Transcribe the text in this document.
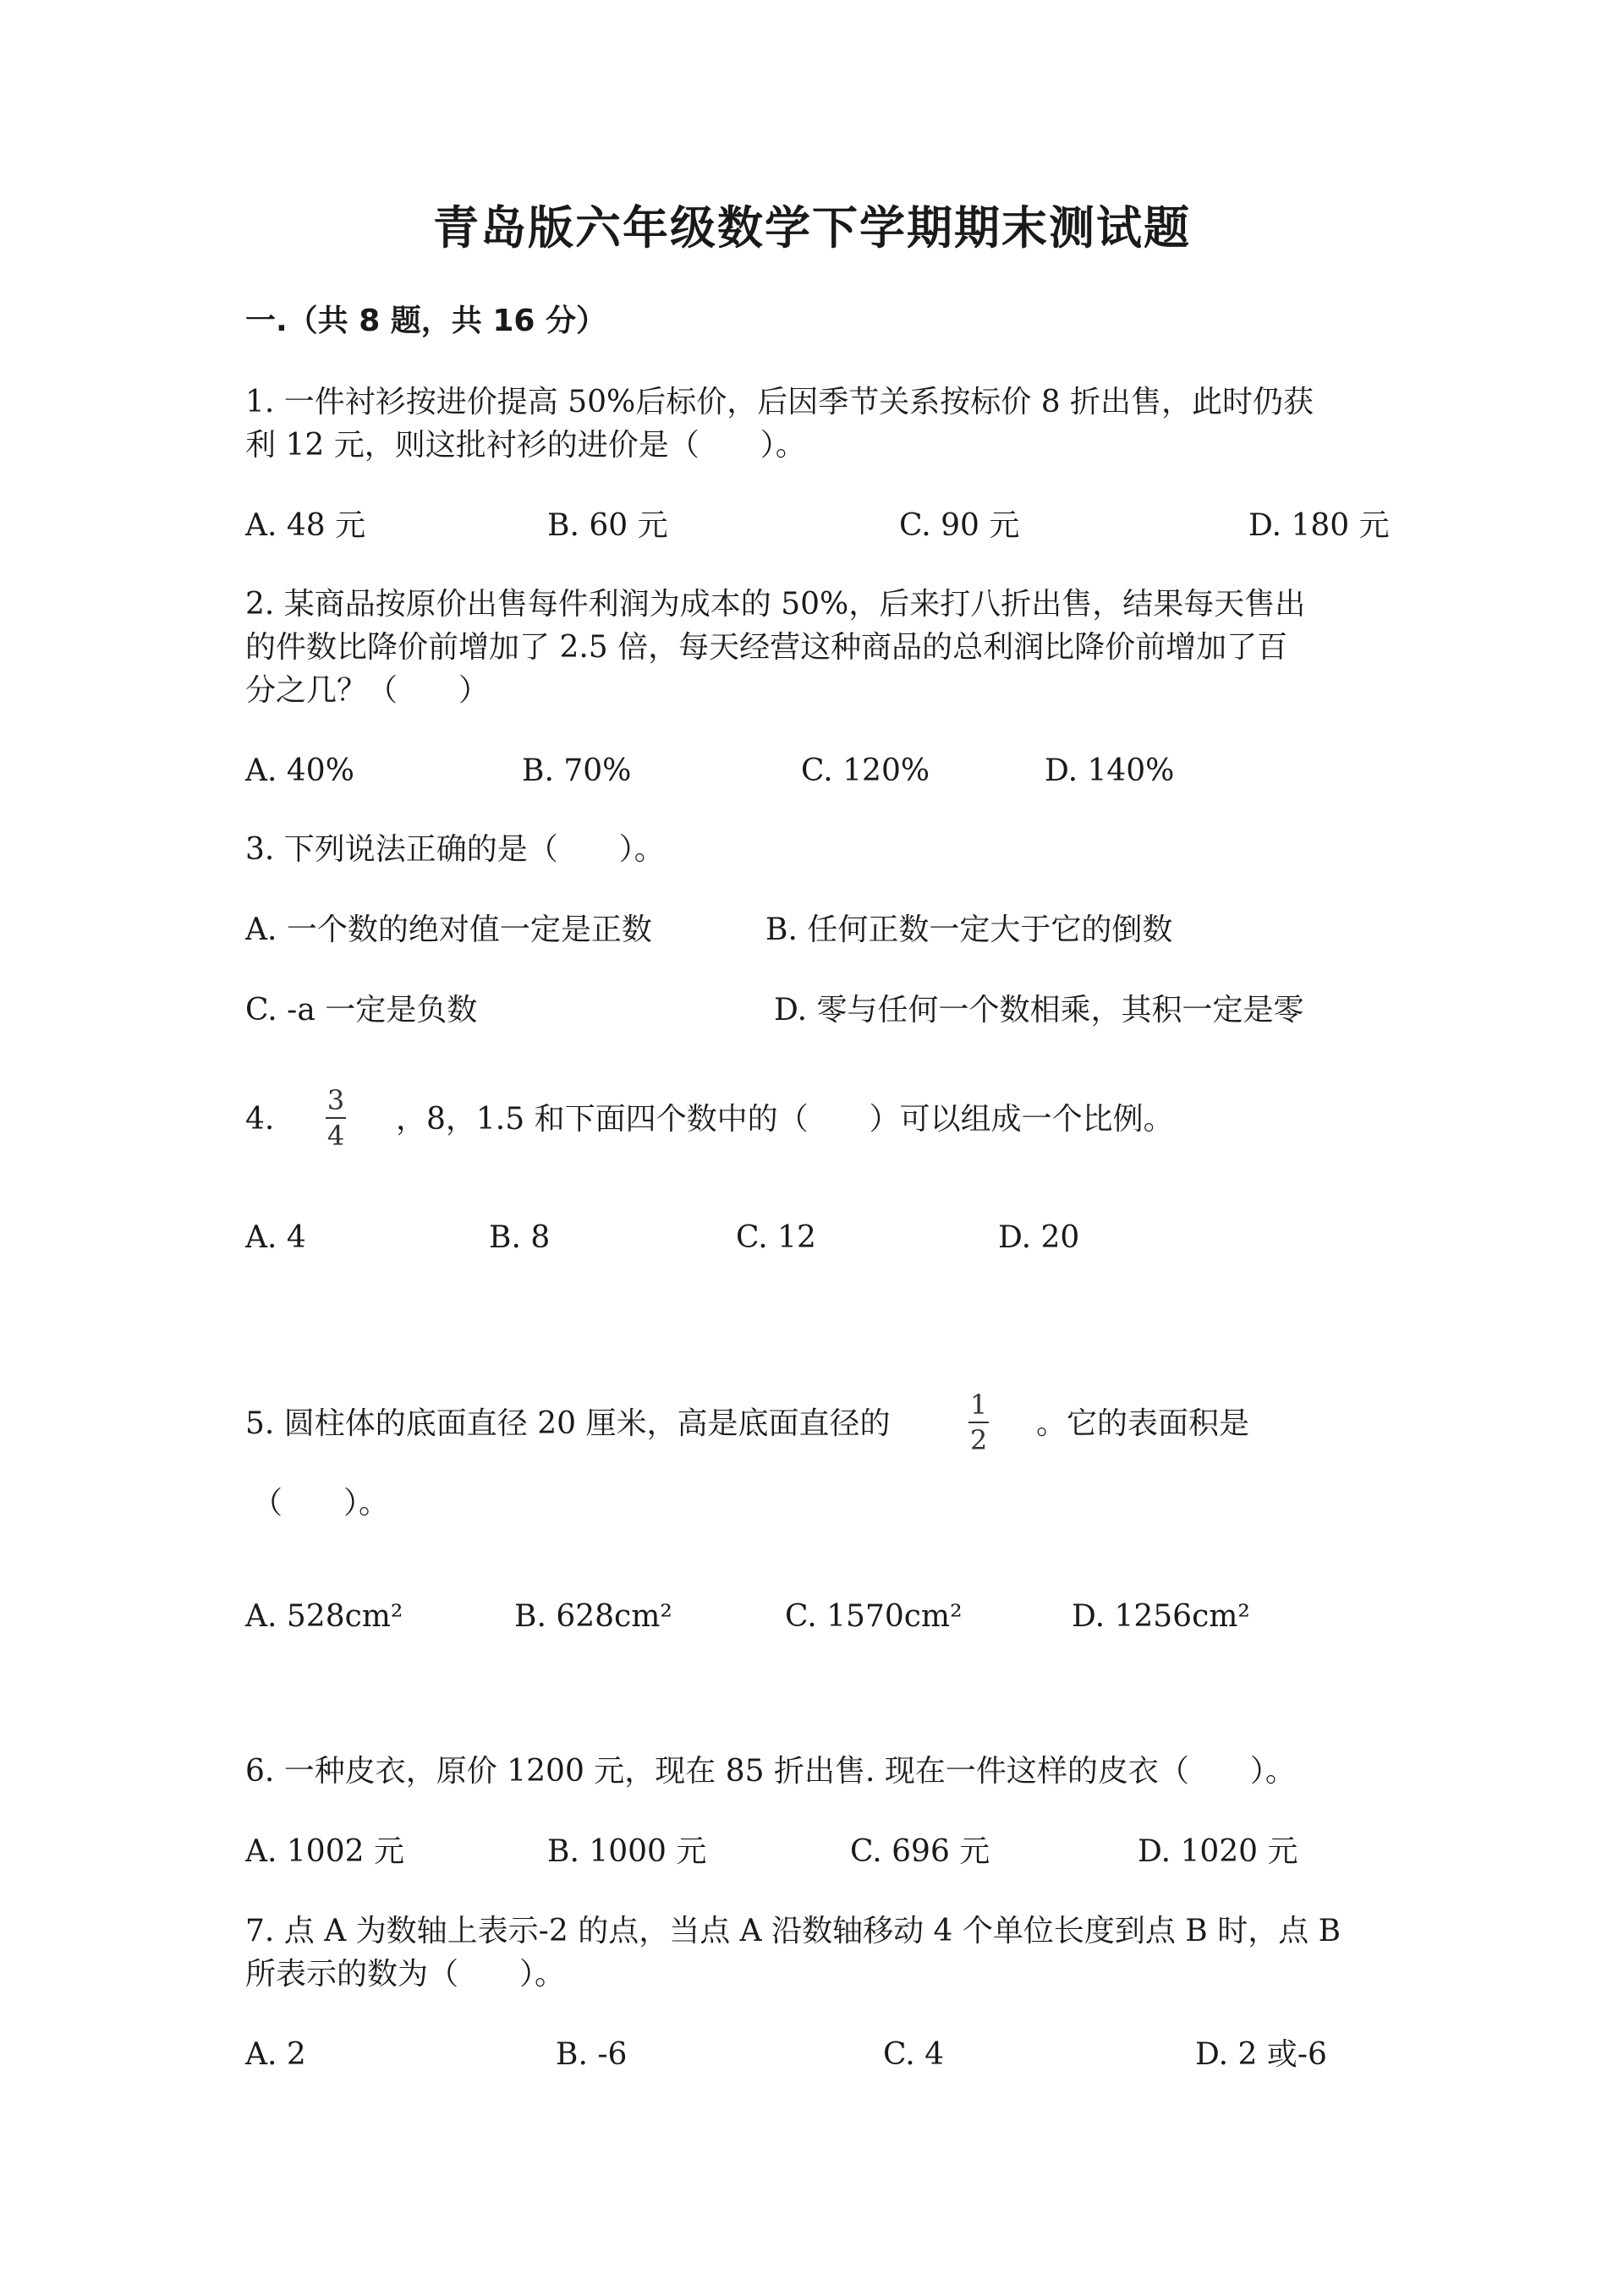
青岛版六年级数学下学期期末测试题
一.（共 8 题，共 16 分）
1. 一件衬衫按进价提高 50%后标价，后因季节关系按标价 8 折出售，此时仍获
利 12 元，则这批衬衫的进价是（　　）。
A. 48 元	B. 60 元	C. 90 元	D. 180 元
2. 某商品按原价出售每件利润为成本的 50%，后来打八折出售，结果每天售出
的件数比降价前增加了 2.5 倍，每天经营这种商品的总利润比降价前增加了百
分之几？（　　）
A. 40%	B. 70%	C. 120%	D. 140%
3. 下列说法正确的是（　　）。
A. 一个数的绝对值一定是正数	B. 任何正数一定大于它的倒数
C. -a 一定是负数	D. 零与任何一个数相乘，其积一定是零
4.
3
4 ，8，1.5 和下面四个数中的（　　）可以组成一个比例。
A. 4	B. 8	C. 12	D. 20
5. 圆柱体的底面直径 20 厘米，高是底面直径的
1
2 。它的表面积是
（　　）。
A. 528cm²	B. 628cm²	C. 1570cm²	D. 1256cm²
6. 一种皮衣，原价 1200 元，现在 85 折出售. 现在一件这样的皮衣（　　）。
A. 1002 元	B. 1000 元	C. 696 元	D. 1020 元
7. 点 A 为数轴上表示-2 的点，当点 A 沿数轴移动 4 个单位长度到点 B 时，点 B
所表示的数为（　　）。
A. 2	B. -6	C. 4	D. 2 或-6
